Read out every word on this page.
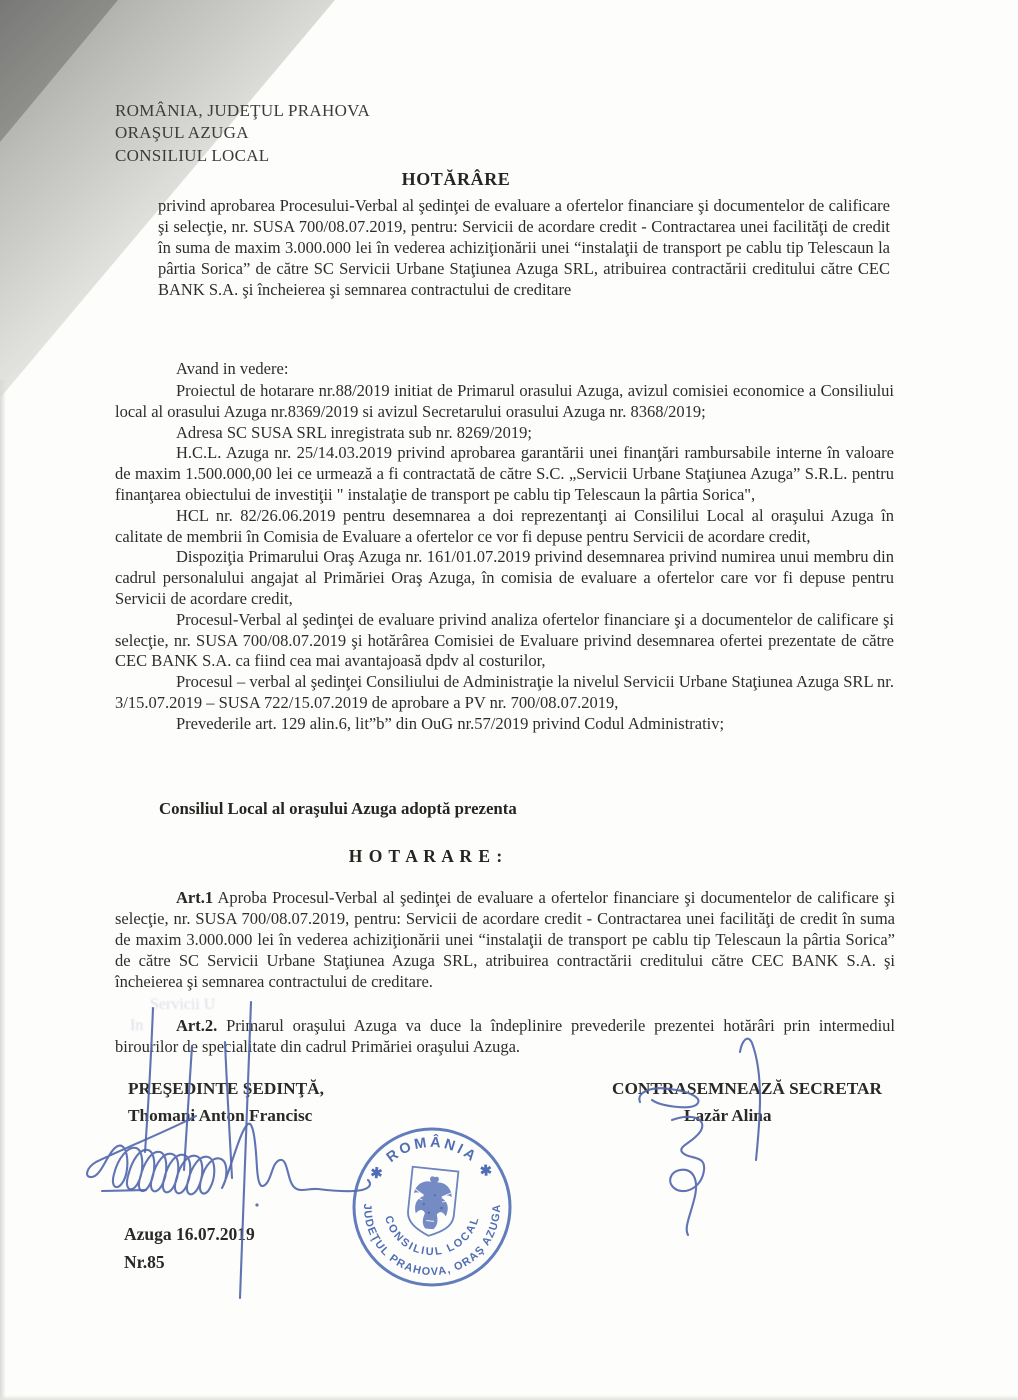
ROMÂNIA, JUDEŢUL PRAHOVA
ORAŞUL AZUGA
CONSILIUL LOCAL
HOTĂRÂRE
privind aprobarea Procesului-Verbal al şedinţei de evaluare a ofertelor financiare şi documentelor de calificare şi selecţie, nr. SUSA 700/08.07.2019, pentru: Servicii de acordare credit - Contractarea unei facilităţi de credit în suma de maxim 3.000.000 lei în vederea achiziţionării unei “instalaţii de transport pe cablu tip Telescaun la pârtia Sorica” de către SC Servicii Urbane Staţiunea Azuga SRL, atribuirea contractării creditului către CEC BANK S.A. şi încheierea şi semnarea contractului de creditare
Avand in vedere:

Proiectul de hotarare nr.88/2019 initiat de Primarul orasului Azuga, avizul comisiei economice a Consiliului local al orasului Azuga nr.8369/2019 si avizul Secretarului orasului Azuga nr. 8368/2019;

Adresa SC SUSA SRL inregistrata sub nr. 8269/2019;

H.C.L. Azuga nr. 25/14.03.2019 privind aprobarea garantării unei finanţări rambursabile interne în valoare de maxim 1.500.000,00 lei ce urmează a fi contractată de către S.C. „Servicii Urbane Staţiunea Azuga” S.R.L. pentru finanţarea obiectului de investiţii " instalaţie de transport pe cablu tip Telescaun la pârtia Sorica",

HCL nr. 82/26.06.2019 pentru desemnarea a doi reprezentanţi ai Consililui Local al oraşului Azuga în calitate de membrii în Comisia de Evaluare a ofertelor ce vor fi depuse pentru Servicii de acordare credit,

Dispoziţia Primarului Oraş Azuga nr. 161/01.07.2019 privind desemnarea privind numirea unui membru din cadrul personalului angajat al Primăriei Oraş Azuga, în comisia de evaluare a ofertelor care vor fi depuse pentru Servicii de acordare credit,

Procesul-Verbal al şedinţei de evaluare privind analiza ofertelor financiare şi a documentelor de calificare şi selecţie, nr. SUSA 700/08.07.2019 şi hotărârea Comisiei de Evaluare privind desemnarea ofertei prezentate de către CEC BANK S.A. ca fiind cea mai avantajoasă dpdv al costurilor,

Procesul – verbal al şedinţei Consiliului de Administraţie la nivelul Servicii Urbane Staţiunea Azuga SRL nr. 3/15.07.2019 – SUSA 722/15.07.2019 de aprobare a PV nr. 700/08.07.2019,

Prevederile art. 129 alin.6, lit”b” din OuG nr.57/2019 privind Codul Administrativ;

Consiliul Local al oraşului Azuga adoptă prezenta
H O T A R A R E :

Art.1 Aproba Procesul-Verbal al şedinţei de evaluare a ofertelor financiare şi documentelor de calificare şi selecţie, nr. SUSA 700/08.07.2019, pentru: Servicii de acordare credit - Contractarea unei facilităţi de credit în suma de maxim 3.000.000 lei în vederea achiziţionării unei “instalaţii de transport pe cablu tip Telescaun la pârtia Sorica” de către SC Servicii Urbane Staţiunea Azuga SRL, atribuirea contractării creditului către CEC BANK S.A. şi încheierea şi semnarea contractului de creditare.

Art.2. Primarul oraşului Azuga va duce la îndeplinire prevederile prezentei hotărâri prin intermediul birourilor de specialitate din cadrul Primăriei oraşului Azuga.

Servicii U
In
PREŞEDINTE ŞEDINŢĂ,
Thomani Anton Francisc
CONTRASEMNEAZĂ SECRETAR
Lazăr Alina
Azuga 16.07.2019
Nr.85
✱ ROMÂNIA ✱
JUDEŢUL PRAHOVA, ORAŞ AZUGA
CONSILIUL LOCAL
